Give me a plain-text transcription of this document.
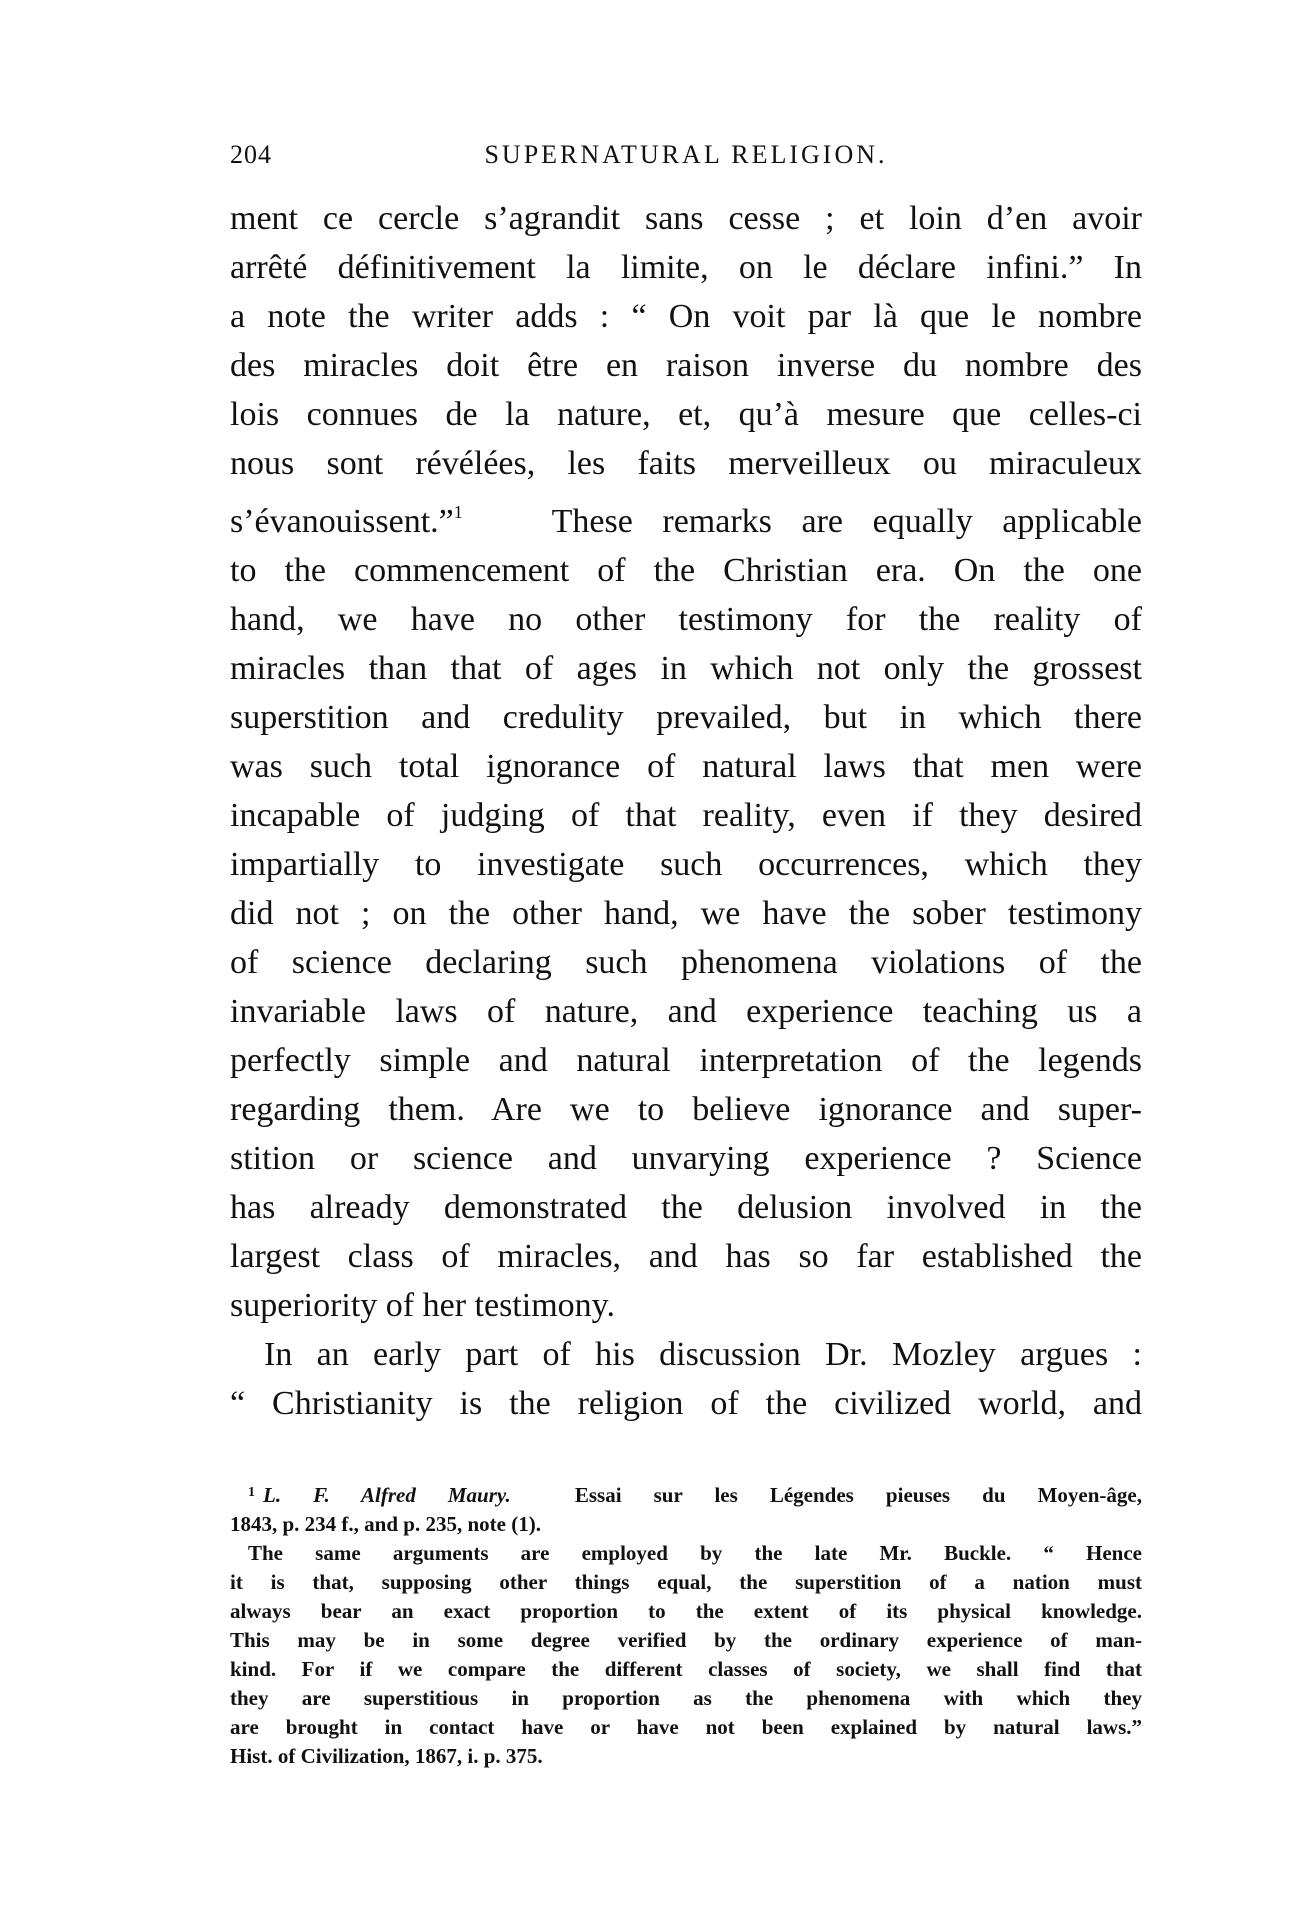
204	SUPERNATURAL RELIGION.

ment ce cercle s’agrandit sans cesse ; et loin d’en avoir
arrêté définitivement la limite, on le déclare infini.” In
a note the writer adds : “ On voit par là que le nombre
des miracles doit être en raison inverse du nombre des
lois connues de la nature, et, qu’à mesure que celles-ci
nous sont révélées, les faits merveilleux ou miraculeux
s’évanouissent.”$^1$	These remarks are equally applicable
to the commencement of the Christian era. On the one
hand, we have no other testimony for the reality of
miracles than that of ages in which not only the grossest
superstition and credulity prevailed, but in which there
was such total ignorance of natural laws that men were
incapable of judging of that reality, even if they desired
impartially to investigate such occurrences, which they
did not ; on the other hand, we have the sober testimony
of science declaring such phenomena violations of the
invariable laws of nature, and experience teaching us a
perfectly simple and natural interpretation of the legends
regarding them. Are we to believe ignorance and super-
stition or science and unvarying experience ? Science
has already demonstrated the delusion involved in the
largest class of miracles, and has so far established the
superiority of her testimony.

In an early part of his discussion Dr. Mozley argues :
“ Christianity is the religion of the civilized world, and

$^1$ L. F. Alfred Maury.	Essai sur les Légendes pieuses du Moyen-âge,
1843, p. 234 f., and p. 235, note (1).
The same arguments are employed by the late Mr. Buckle. “ Hence
it is that, supposing other things equal, the superstition of a nation must
always bear an exact proportion to the extent of its physical knowledge.
This may be in some degree verified by the ordinary experience of man-
kind. For if we compare the different classes of society, we shall find that
they are superstitious in proportion as the phenomena with which they
are brought in contact have or have not been explained by natural laws.”
Hist. of Civilization, 1867, i. p. 375.
